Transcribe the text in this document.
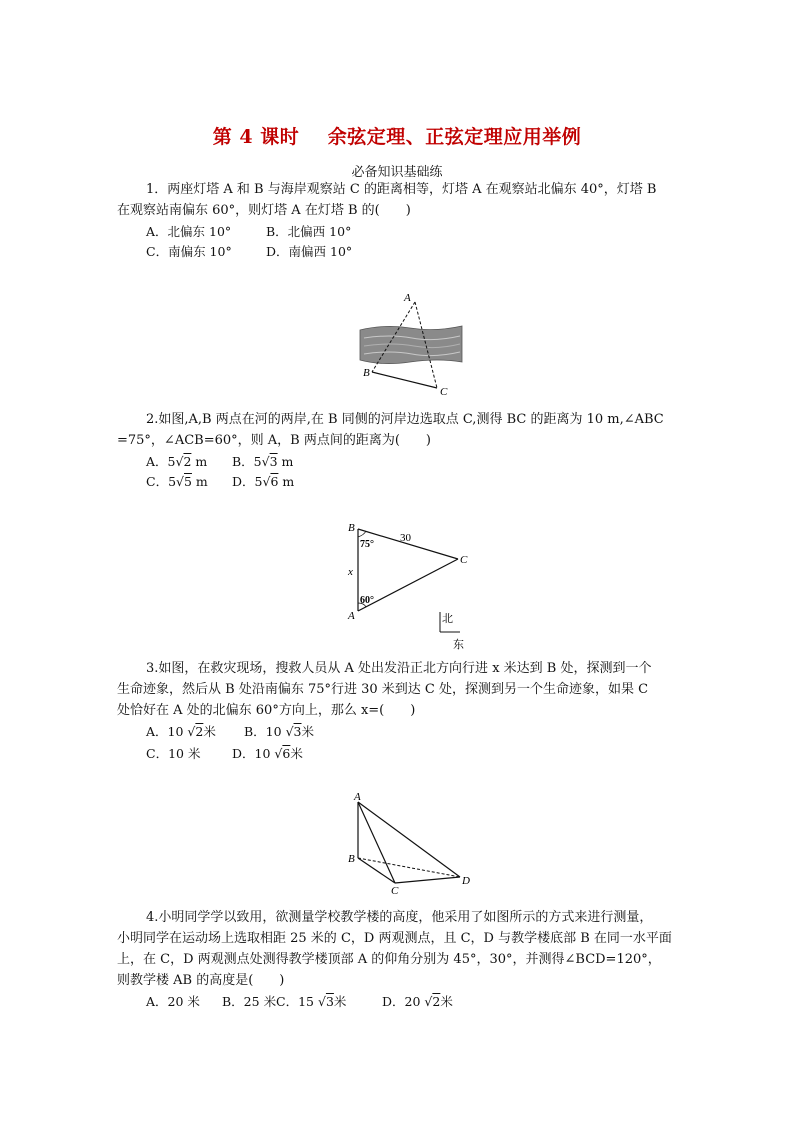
第 4 课时    余弦定理、正弦定理应用举例
必备知识基础练
1．两座灯塔 A 和 B 与海岸观察站 C 的距离相等，灯塔 A 在观察站北偏东 40°，灯塔 B
在观察站南偏东 60°，则灯塔 A 在灯塔 B 的(　　)
A．北偏东 10°	B．北偏西 10°
C．南偏东 10°	D．南偏西 10°
A
B
C
2.如图,A,B 两点在河的两岸,在 B 同侧的河岸边选取点 C,测得 BC 的距离为 10 m,∠ABC
=75°，∠ACB=60°，则 A，B 两点间的距离为(　　)
A．5√2 m B．5√3 m
C．5√5 m D．5√6 m
B
A
C
x
30
75°
60°
北
东
3.如图，在救灾现场，搜救人员从 A 处出发沿正北方向行进 x 米达到 B 处，探测到一个
生命迹象，然后从 B 处沿南偏东 75°行进 30 米到达 C 处，探测到另一个生命迹象，如果 C
处恰好在 A 处的北偏东 60°方向上，那么 x=(　　)
A．10 √2米 B．10 √3米
C．10 米	D．10 √6米
A
B
C
D
4.小明同学学以致用，欲测量学校教学楼的高度，他采用了如图所示的方式来进行测量，
小明同学在运动场上选取相距 25 米的 C，D 两观测点，且 C，D 与教学楼底部 B 在同一水平面
上，在 C，D 两观测点处测得教学楼顶部 A 的仰角分别为 45°，30°，并测得∠BCD=120°，
则教学楼 AB 的高度是(　　)
A．20 米 B．25 米 C．15 √3米	D．20 √2米
